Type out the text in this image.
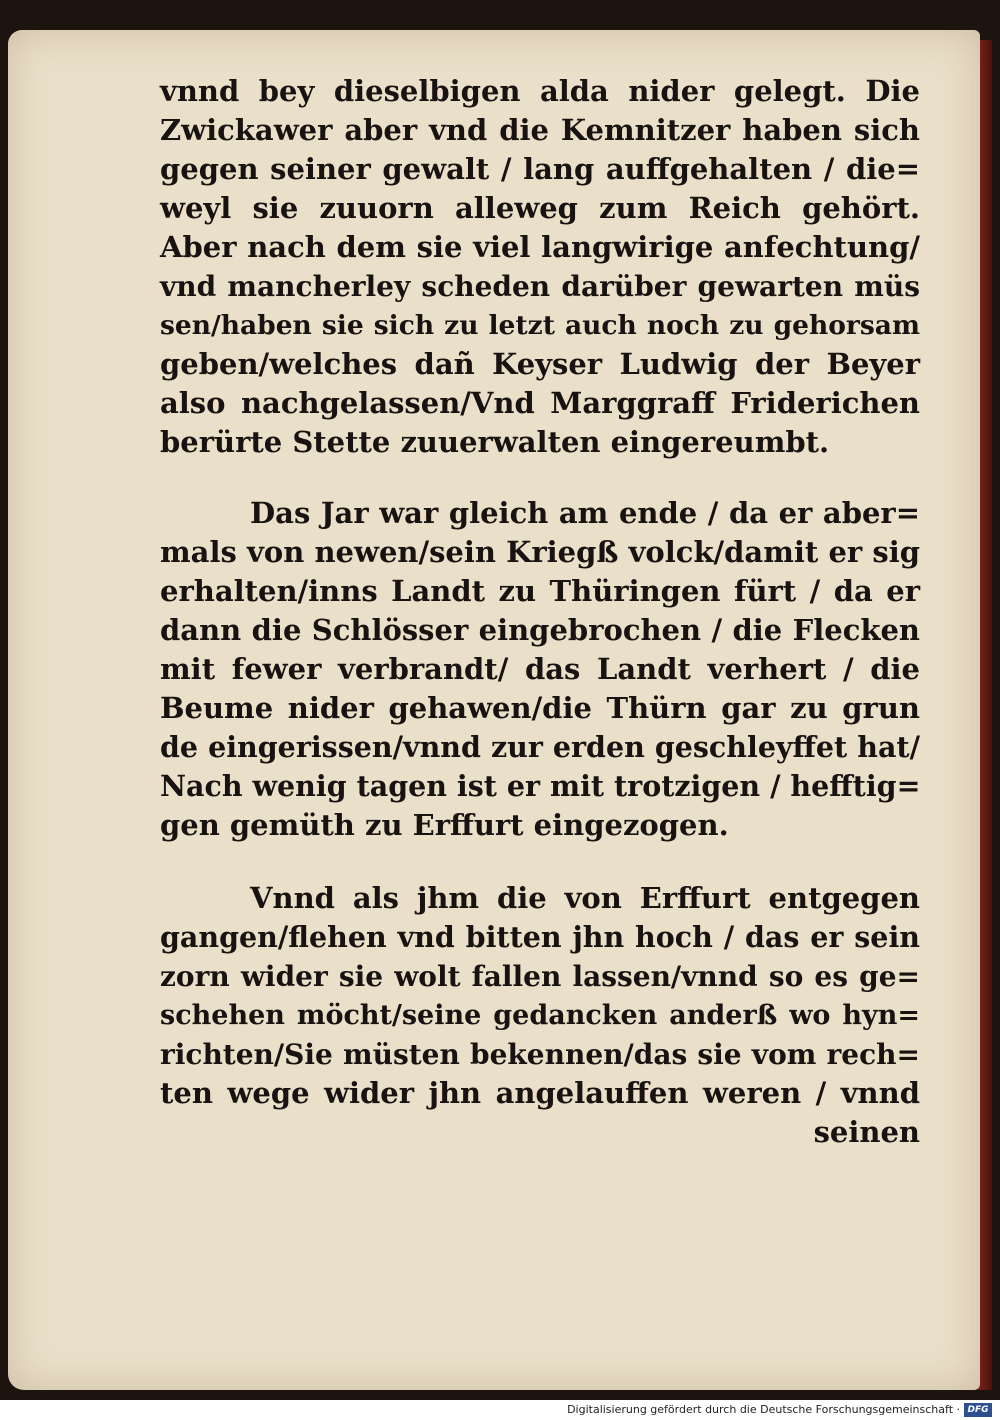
vnnd bey dieselbigen alda nider gelegt. Die
Zwickawer aber vnd die Kemnitzer haben sich
gegen seiner gewalt / lang auffgehalten / die=
weyl sie zuuorn alleweg zum Reich gehört.
Aber nach dem sie viel langwirige anfechtung/
vnd mancherley scheden darüber gewarten müs
sen/haben sie sich zu letzt auch noch zu gehorsam
geben/welches dañ Keyser Ludwig der Beyer
also nachgelassen/Vnd Marggraff Friderichen
berürte Stette zuuerwalten eingereumbt.
Das Jar war gleich am ende / da er aber=
mals von newen/sein Kriegß volck/damit er sig
erhalten/inns Landt zu Thüringen fürt / da er
dann die Schlösser eingebrochen / die Flecken
mit fewer verbrandt/ das Landt verhert / die
Beume nider gehawen/die Thürn gar zu grun
de eingerissen/vnnd zur erden geschleyffet hat/
Nach wenig tagen ist er mit trotzigen / hefftig=
gen gemüth zu Erffurt eingezogen.
Vnnd als jhm die von Erffurt entgegen
gangen/flehen vnd bitten jhn hoch / das er sein
zorn wider sie wolt fallen lassen/vnnd so es ge=
schehen möcht/seine gedancken anderß wo hyn=
richten/Sie müsten bekennen/das sie vom rech=
ten wege wider jhn angelauffen weren / vnnd
seinen
Digitalisierung gefördert durch die Deutsche Forschungsgemeinschaft · DFG
